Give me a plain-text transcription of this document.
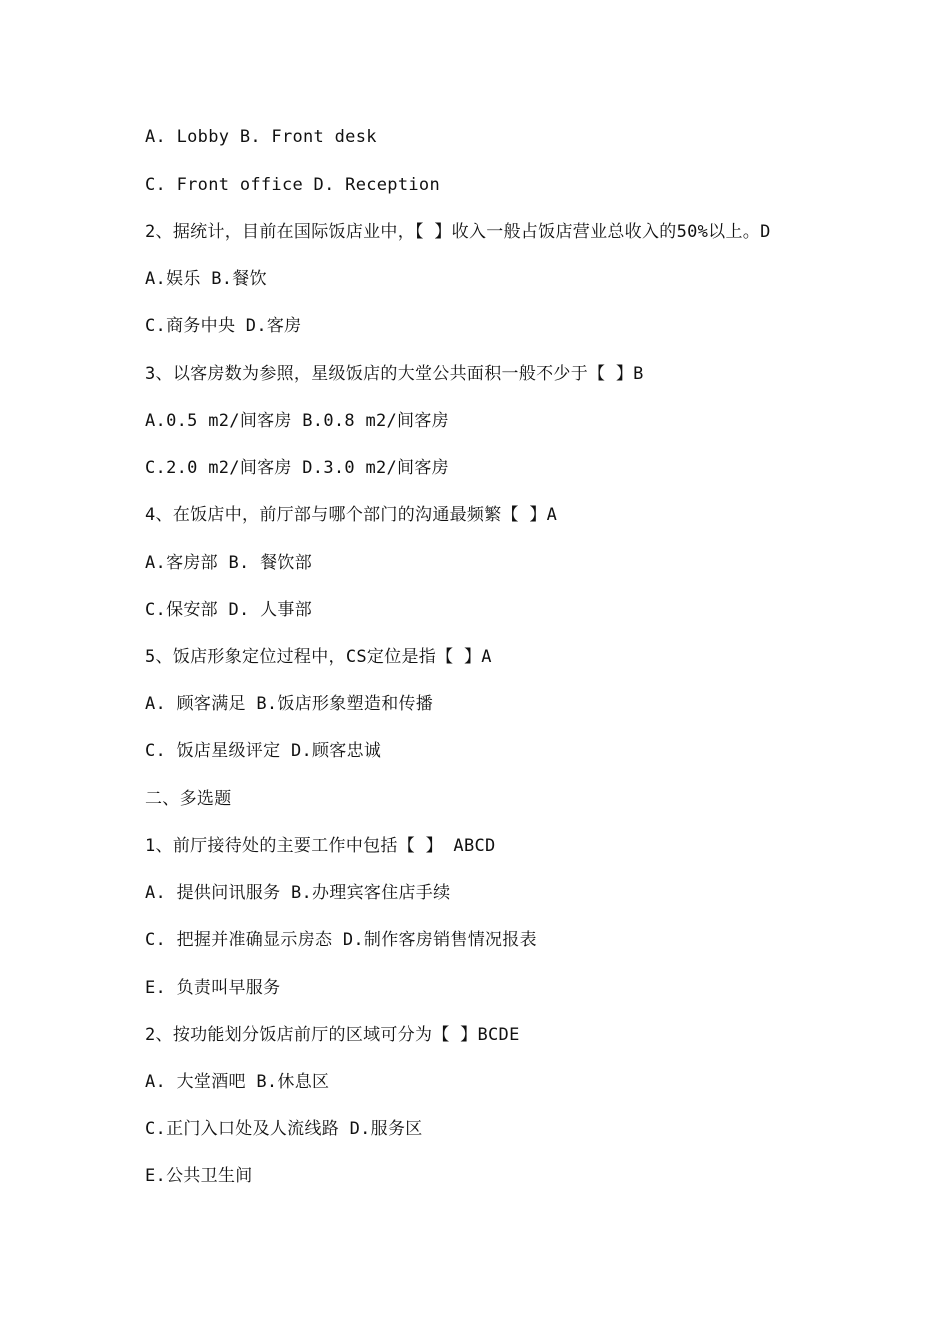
A. Lobby B. Front desk
C. Front office D. Reception
2、据统计，目前在国际饭店业中，【 】收入一般占饭店营业总收入的50%以上。D
A.娱乐 B.餐饮
C.商务中央 D.客房
3、以客房数为参照，星级饭店的大堂公共面积一般不少于【 】B
A.0.5 m2/间客房 B.0.8 m2/间客房
C.2.0 m2/间客房 D.3.0 m2/间客房
4、在饭店中，前厅部与哪个部门的沟通最频繁【 】A
A.客房部 B. 餐饮部
C.保安部 D. 人事部
5、饭店形象定位过程中，CS定位是指【 】A
A. 顾客满足 B.饭店形象塑造和传播
C. 饭店星级评定 D.顾客忠诚
二、多选题
1、前厅接待处的主要工作中包括【 】 ABCD
A. 提供问讯服务 B.办理宾客住店手续
C. 把握并准确显示房态 D.制作客房销售情况报表
E. 负责叫早服务
2、按功能划分饭店前厅的区域可分为【 】BCDE
A. 大堂酒吧 B.休息区
C.正门入口处及人流线路 D.服务区
E.公共卫生间
